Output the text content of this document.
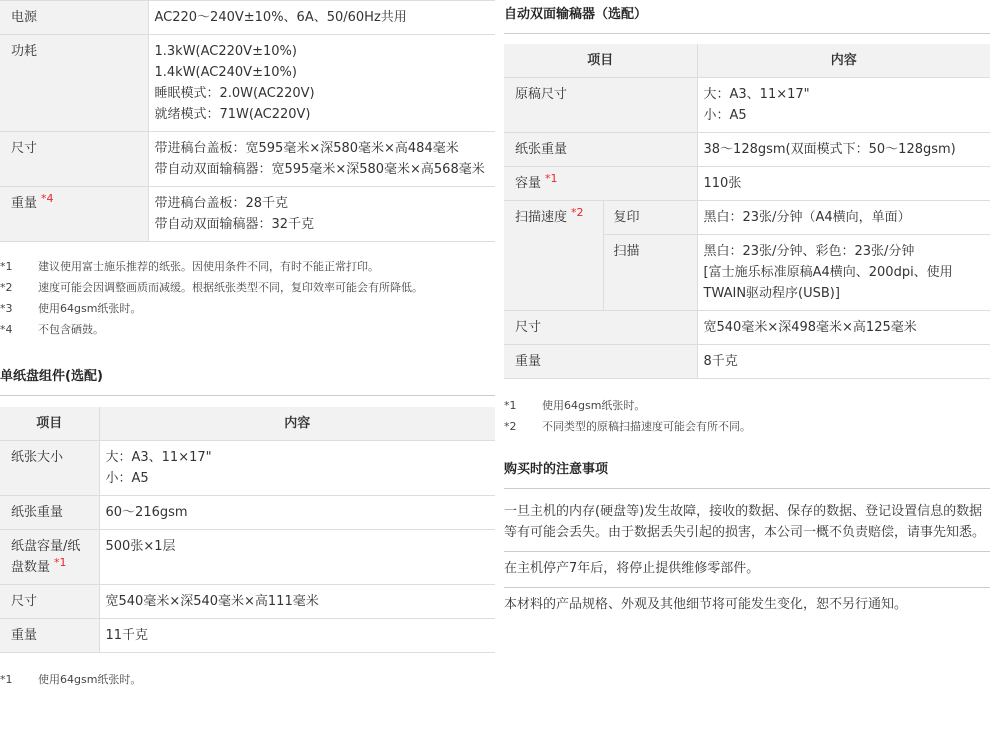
电源	AC220～240V±10%、6A、50/60Hz共用

功耗	1.3kW(AC220V±10%)
1.4kW(AC240V±10%)
睡眠模式：2.0W(AC220V)
就绪模式：71W(AC220V)

尺寸	带进稿台盖板：宽595毫米×深580毫米×高484毫米
带自动双面输稿器：宽595毫米×深580毫米×高568毫米

重量 $^{*4}$	带进稿台盖板：28千克
带自动双面输稿器：32千克
*1	建议使用富士施乐推荐的纸张。因使用条件不同，有时不能正常打印。
*2	速度可能会因调整画质而减缓。根据纸张类型不同，复印效率可能会有所降低。
*3	使用64gsm纸张时。
*4	不包含硒鼓。
单纸盘组件(选配)
项目	内容
纸张大小	大：A3、11×17"
小：A5

纸张重量	60～216gsm

纸盘容量/纸盘数量 $^{*1}$	500张×1层

尺寸	宽540毫米×深540毫米×高111毫米

重量	11千克
*1	使用64gsm纸张时。
自动双面输稿器（选配）
项目		内容
原稿尺寸		大：A3、11×17"
小：A5

纸张重量		38～128gsm(双面模式下：50～128gsm)

容量 $^{*1}$		110张

扫描速度 $^{*2}$	复印	黑白：23张/分钟（A4横向，单面）

	扫描	黑白：23张/分钟、彩色：23张/分钟
[富士施乐标准原稿A4横向、200dpi、使用TWAIN驱动程序(USB)]

尺寸		宽540毫米×深498毫米×高125毫米

重量		8千克
*1	使用64gsm纸张时。
*2	不同类型的原稿扫描速度可能会有所不同。
购买时的注意事项
一旦主机的内存(硬盘等)发生故障，接收的数据、保存的数据、登记设置信息的数据等有可能会丢失。由于数据丢失引起的损害，本公司一概不负责赔偿，请事先知悉。
在主机停产7年后，将停止提供维修零部件。
本材料的产品规格、外观及其他细节将可能发生变化，恕不另行通知。
